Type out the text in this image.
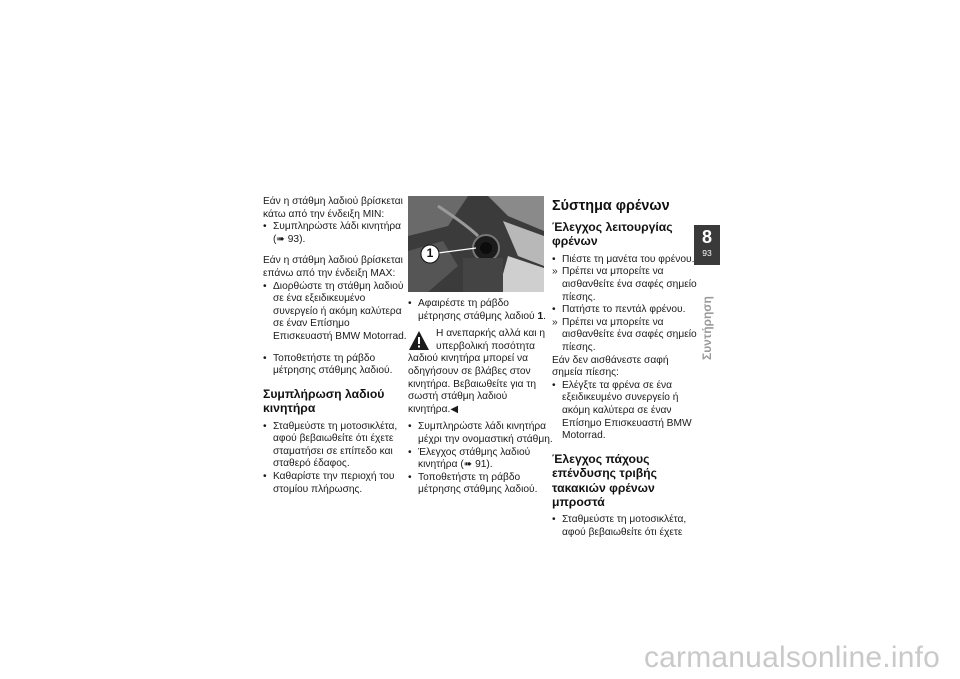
Εάν η στάθμη λαδιού βρίσκεται κάτω από την ένδειξη MIN:

• Συμπληρώστε λάδι κινητήρα
(➠ 93).

Εάν η στάθμη λαδιού βρίσκεται επάνω από την ένδειξη MAX:

• Διορθώστε τη στάθμη λαδιού σε ένα εξειδικευμένο συνεργείο ή ακόμη καλύτερα σε έναν Επίσημο Επισκευαστή BMW Motorrad.
• Τοποθετήστε τη ράβδο μέτρησης στάθμης λαδιού.
Συμπλήρωση λαδιού κινητήρα
• Σταθμεύστε τη μοτοσικλέτα, αφού βεβαιωθείτε ότι έχετε σταματήσει σε επίπεδο και σταθερό έδαφος.
• Καθαρίστε την περιοχή του στομίου πλήρωσης.
1
• Αφαιρέστε τη ράβδο μέτρησης στάθμης λαδιού 1.
Η ανεπαρκής αλλά και η υπερβολική ποσότητα λαδιού κινητήρα μπορεί να οδηγήσουν σε βλάβες στον κινητήρα. Βεβαιωθείτε για τη σωστή στάθμη λαδιού κινητήρα.◀
• Συμπληρώστε λάδι κινητήρα μέχρι την ονομαστική στάθμη.
• Έλεγχος στάθμης λαδιού κινητήρα (➠ 91).
• Τοποθετήστε τη ράβδο μέτρησης στάθμης λαδιού.
Σύστημα φρένων
Έλεγχος λειτουργίας φρένων
• Πιέστε τη μανέτα του φρένου.
» Πρέπει να μπορείτε να αισθανθείτε ένα σαφές σημείο πίεσης.
• Πατήστε το πεντάλ φρένου.
» Πρέπει να μπορείτε να αισθανθείτε ένα σαφές σημείο πίεσης.

Εάν δεν αισθάνεστε σαφή σημεία πίεσης:

• Ελέγξτε τα φρένα σε ένα εξειδικευμένο συνεργείο ή ακόμη καλύτερα σε έναν Επίσημο Επισκευαστή BMW Motorrad.
Έλεγχος πάχους επένδυσης τριβής τακακιών φρένων μπροστά
• Σταθμεύστε τη μοτοσικλέτα, αφού βεβαιωθείτε ότι έχετε
8
93
Συντήρηση
carmanualsonline.info
